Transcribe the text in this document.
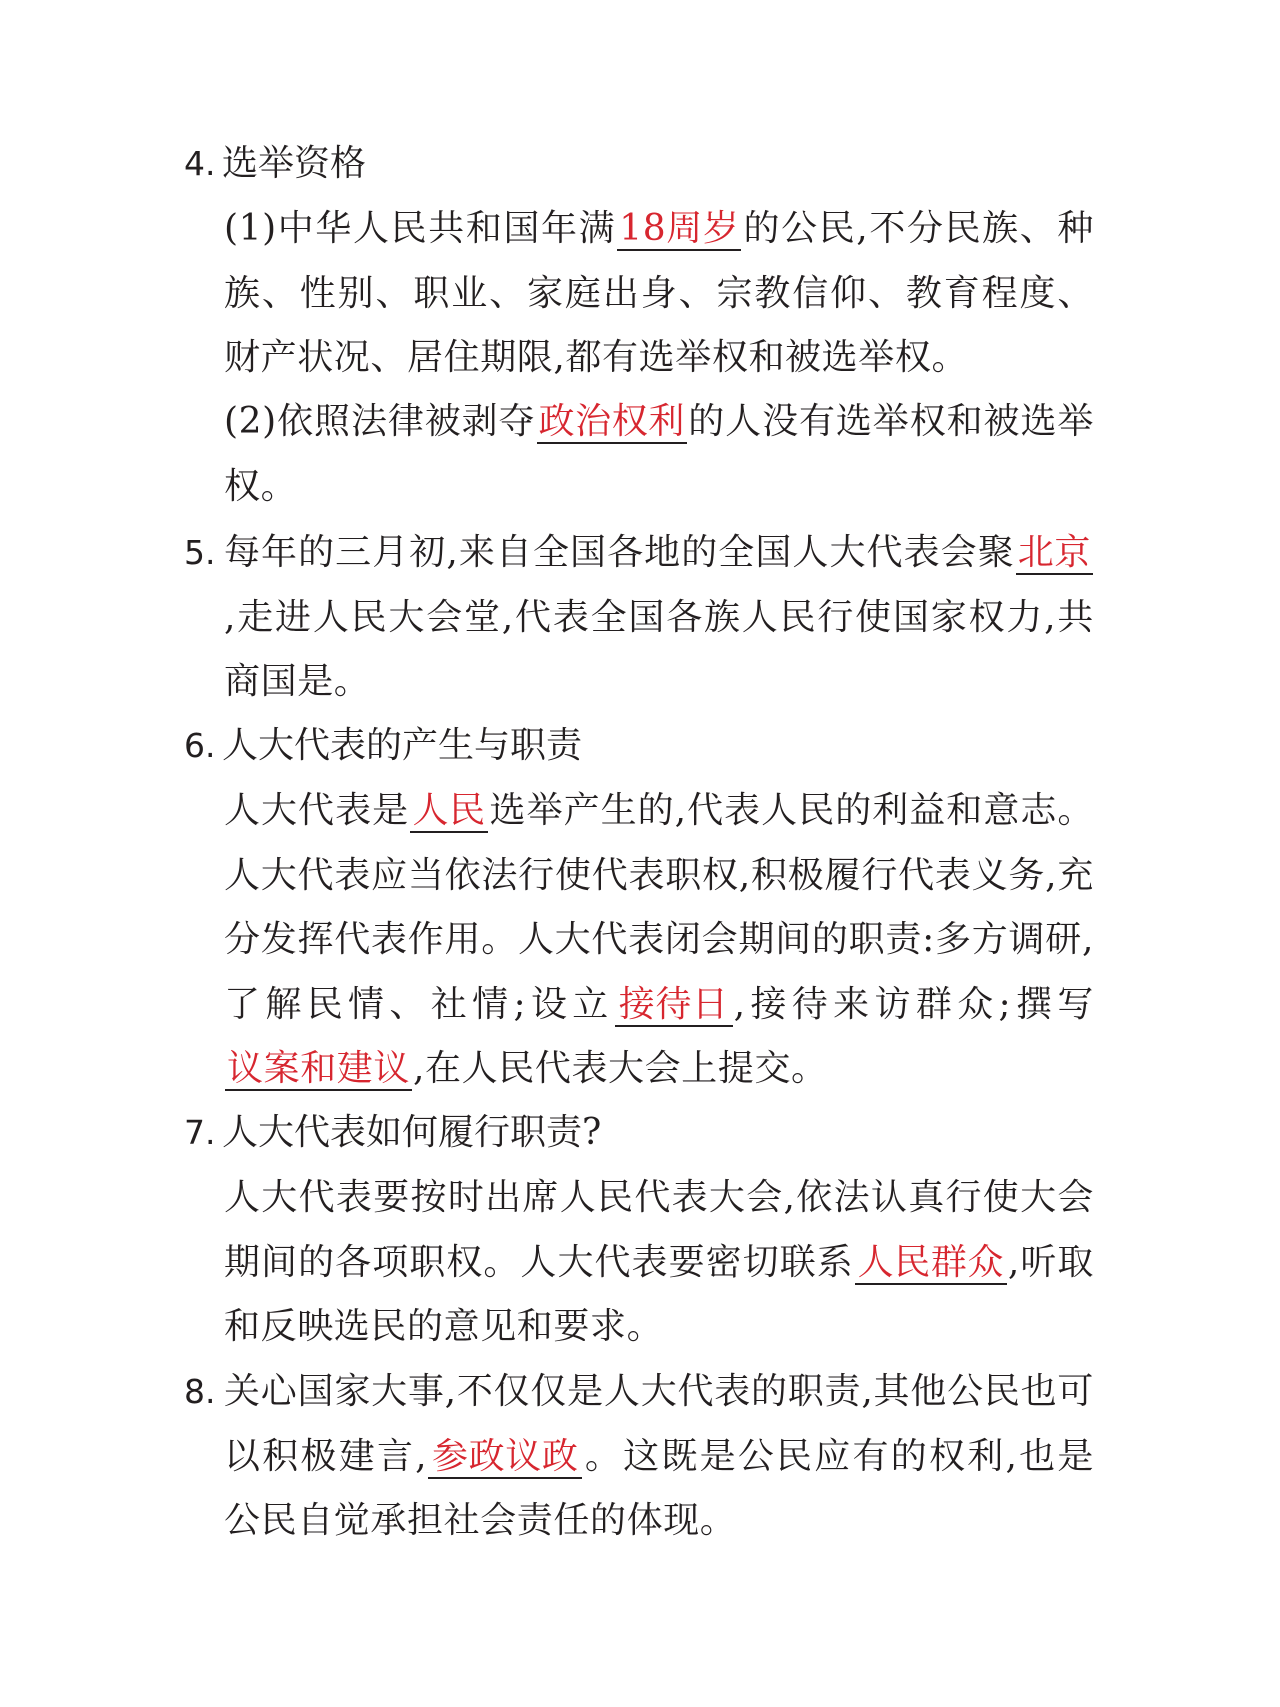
4. 选举资格
(1)中华人民共和国年满18周岁的公民,不分民族、种族、性别、职业、家庭出身、宗教信仰、教育程度、财产状况、居住期限,都有选举权和被选举权。
(2)依照法律被剥夺政治权利的人没有选举权和被选举权。
5. 每年的三月初,来自全国各地的全国人大代表会聚北京,走进人民大会堂,代表全国各族人民行使国家权力,共商国是。
6. 人大代表的产生与职责
人大代表是人民选举产生的,代表人民的利益和意志。人大代表应当依法行使代表职权,积极履行代表义务,充分发挥代表作用。人大代表闭会期间的职责:多方调研,了解民情、社情;设立 接待日 ,接待来访群众;撰写议案和建议,在人民代表大会上提交。
7. 人大代表如何履行职责?
人大代表要按时出席人民代表大会,依法认真行使大会期间的各项职权。人大代表要密切联系 人民群众 ,听取和反映选民的意见和要求。
8. 关心国家大事,不仅仅是人大代表的职责,其他公民也可以积极建言, 参政议政 。这既是公民应有的权利,也是公民自觉承担社会责任的体现。
